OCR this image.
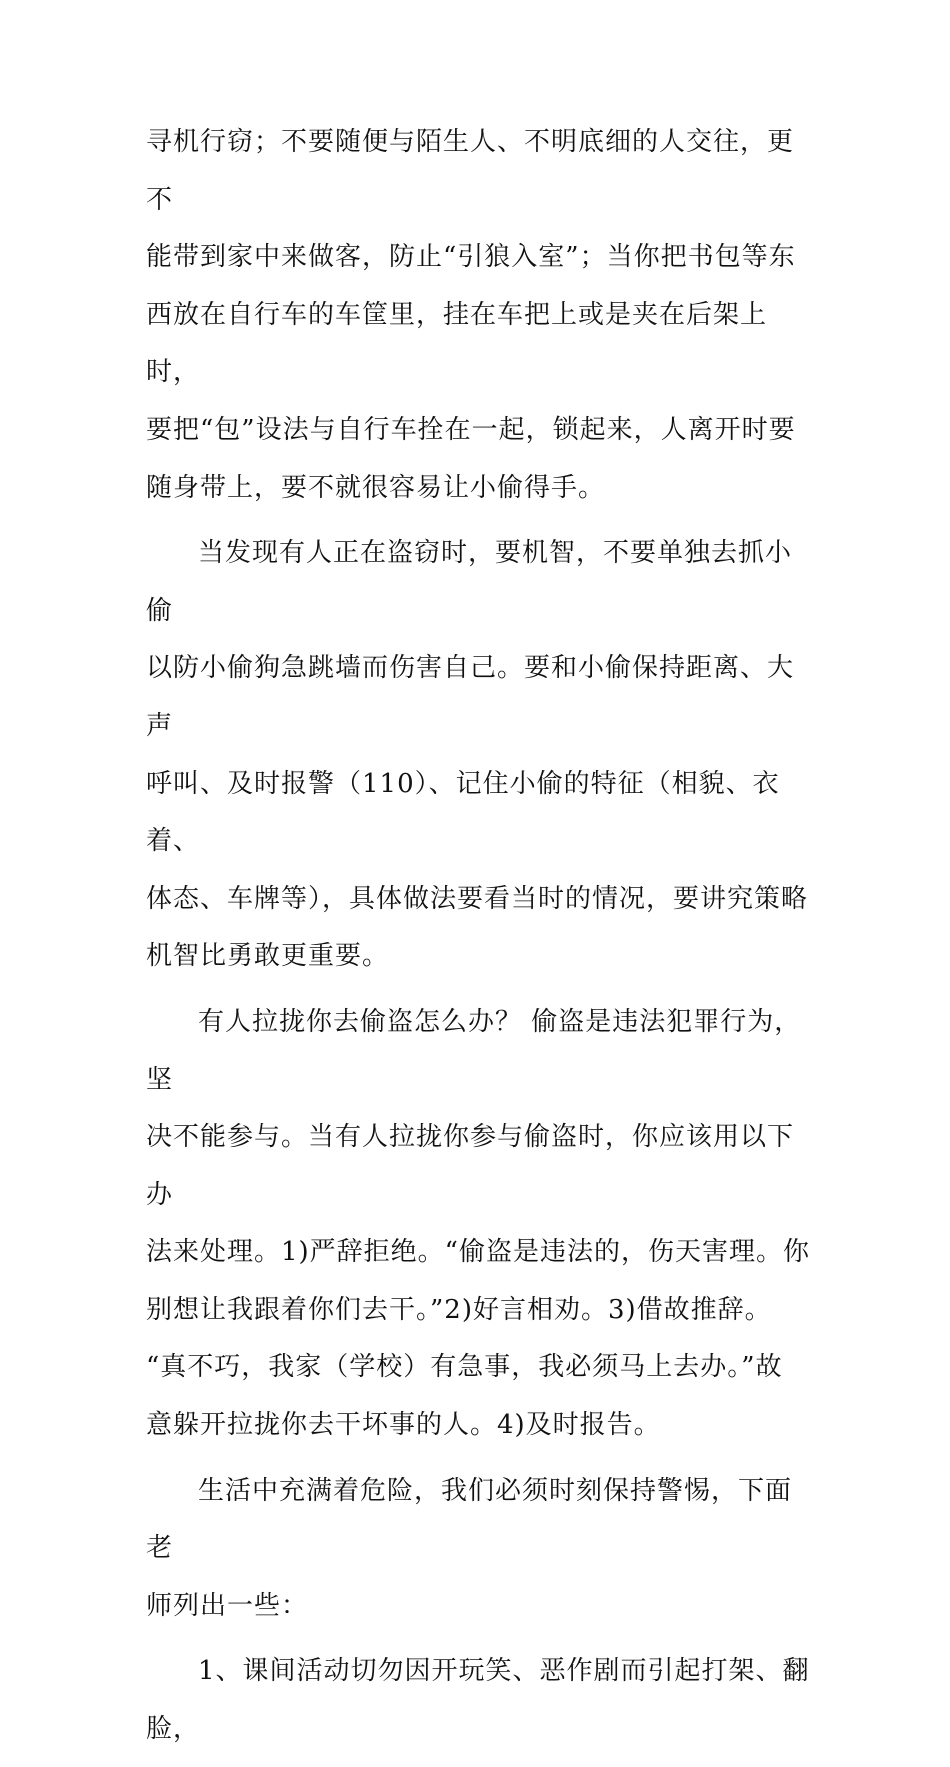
寻机行窃；不要随便与陌生人、不明底细的人交往，更不
能带到家中来做客，防止“引狼入室”；当你把书包等东
西放在自行车的车筐里，挂在车把上或是夹在后架上时，
要把“包”设法与自行车拴在一起，锁起来，人离开时要
随身带上，要不就很容易让小偷得手。

当发现有人正在盗窃时，要机智，不要单独去抓小偷
以防小偷狗急跳墙而伤害自己。要和小偷保持距离、大声
呼叫、及时报警（110）、记住小偷的特征（相貌、衣着、
体态、车牌等），具体做法要看当时的情况，要讲究策略
机智比勇敢更重要。

有人拉拢你去偷盗怎么办？ 偷盗是违法犯罪行为，坚
决不能参与。当有人拉拢你参与偷盗时，你应该用以下办
法来处理。1)严辞拒绝。“偷盗是违法的，伤天害理。你
别想让我跟着你们去干。”2)好言相劝。3)借故推辞。
“真不巧，我家（学校）有急事，我必须马上去办。”故
意躲开拉拢你去干坏事的人。4)及时报告。

生活中充满着危险，我们必须时刻保持警惕，下面老
师列出一些：

1、课间活动切勿因开玩笑、恶作剧而引起打架、翻脸，
